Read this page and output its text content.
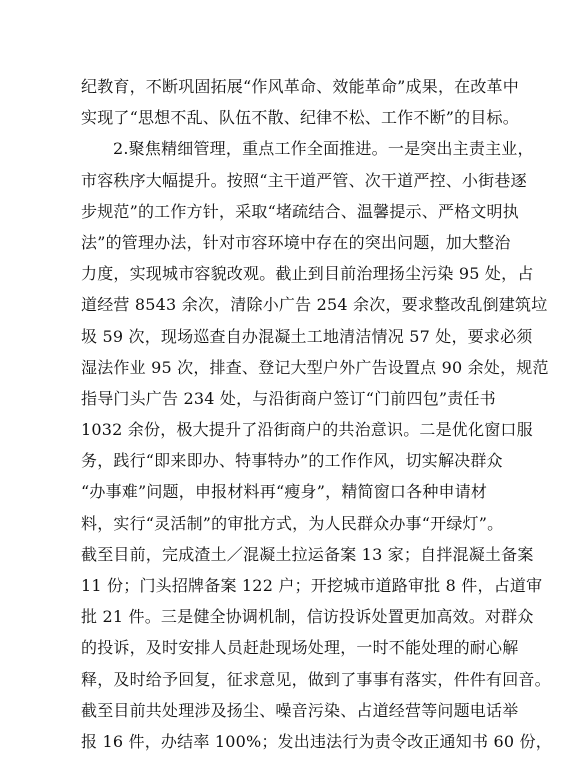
纪教育，不断巩固拓展“作风革命、效能革命”成果，在改革中
实现了“思想不乱、队伍不散、纪律不松、工作不断”的目标。
2.聚焦精细管理，重点工作全面推进。一是突出主责主业，
市容秩序大幅提升。按照“主干道严管、次干道严控、小街巷逐
步规范”的工作方针，采取“堵疏结合、温馨提示、严格文明执
法”的管理办法，针对市容环境中存在的突出问题，加大整治
力度，实现城市容貌改观。截止到目前治理扬尘污染 95 处，占
道经营 8543 余次，清除小广告 254 余次，要求整改乱倒建筑垃
圾 59 次，现场巡查自办混凝土工地清洁情况 57 处，要求必须
湿法作业 95 次，排查、登记大型户外广告设置点 90 余处，规范
指导门头广告 234 处，与沿街商户签订“门前四包”责任书
1032 余份，极大提升了沿街商户的共治意识。二是优化窗口服
务，践行“即来即办、特事特办”的工作作风，切实解决群众
“办事难”问题，申报材料再“瘦身”，精简窗口各种申请材
料，实行“灵活制”的审批方式，为人民群众办事“开绿灯”。
截至目前，完成渣土／混凝土拉运备案 13 家；自拌混凝土备案
11 份；门头招牌备案 122 户；开挖城市道路审批 8 件，占道审
批 21 件。三是健全协调机制，信访投诉处置更加高效。对群众
的投诉，及时安排人员赶赴现场处理，一时不能处理的耐心解
释，及时给予回复，征求意见，做到了事事有落实，件件有回音。
截至目前共处理涉及扬尘、噪音污染、占道经营等问题电话举
报 16 件，办结率 100%；发出违法行为责令改正通知书 60 份，
